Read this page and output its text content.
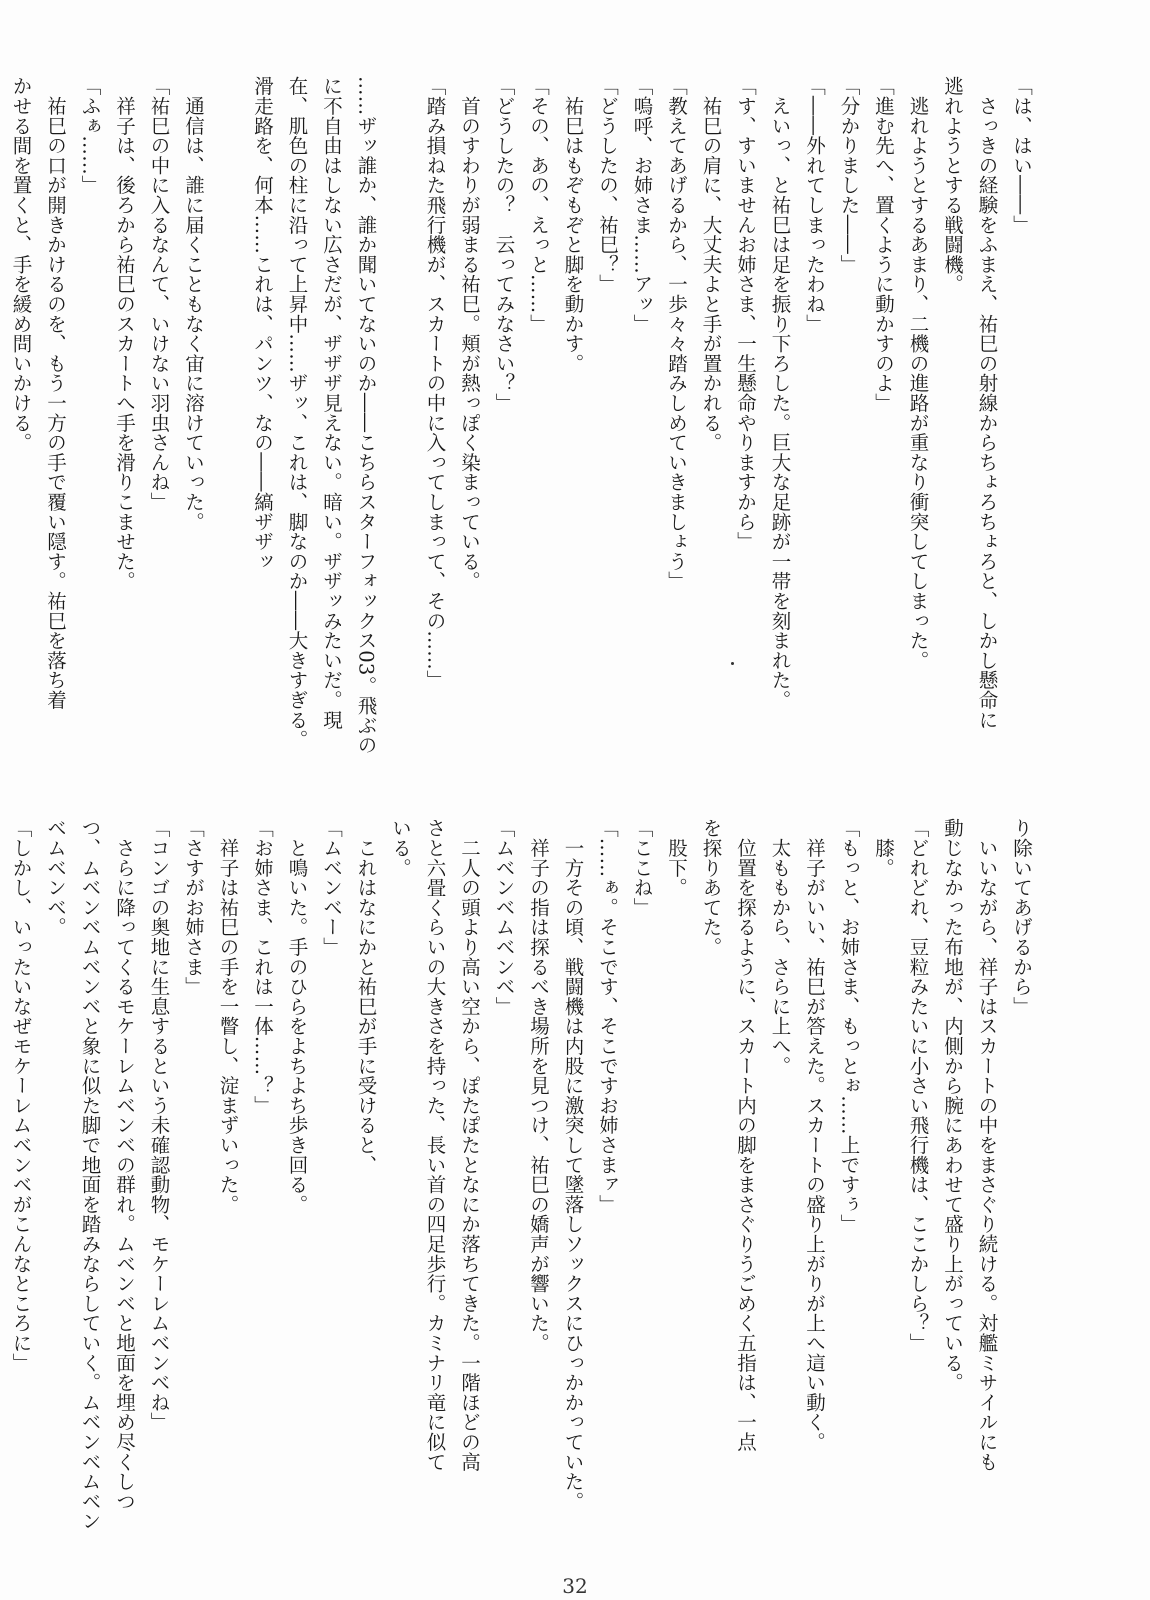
「は、はい――」
　さっきの経験をふまえ、祐巳の射線からちょろちょろと、しかし懸命に
逃れようとする戦闘機。
　逃れようとするあまり、二機の進路が重なり衝突してしまった。
「進む先へ、置くように動かすのよ」
「分かりました――」
「――外れてしまったわね」
　えいっ、と祐巳は足を振り下ろした。巨大な足跡が一帯を刻まれた。
「す、すいませんお姉さま、一生懸命やりますから」
　祐巳の肩に、大丈夫よと手が置かれる。
「教えてあげるから、一歩々々踏みしめていきましょう」
「嗚呼、お姉さま……アッ」
「どうしたの、祐巳？」
　祐巳はもぞもぞと脚を動かす。
「その、あの、えっと……」
「どうしたの？　云ってみなさい？」
　首のすわりが弱まる祐巳。頬が熱っぽく染まっている。
「踏み損ねた飛行機が、スカートの中に入ってしまって、その……」

……ザッ誰か、誰か聞いてないのか――こちらスターフォックス03。飛ぶの
に不自由はしない広さだが、ザザザ見えない。暗い。ザザッみたいだ。現
在、肌色の柱に沿って上昇中……ザッ、これは、脚なのか――大きすぎる。
滑走路を、何本……これは、パンツ、なの――縞ザザッ

　通信は、誰に届くこともなく宙に溶けていった。
「祐巳の中に入るなんて、いけない羽虫さんね」
　祥子は、後ろから祐巳のスカートへ手を滑りこませた。
「ふぁ……」
　祐巳の口が開きかけるのを、もう一方の手で覆い隠す。祐巳を落ち着
かせる間を置くと、手を緩め問いかける。
り除いてあげるから」
　いいながら、祥子はスカートの中をまさぐり続ける。対艦ミサイルにも
動じなかった布地が、内側から腕にあわせて盛り上がっている。
「どれどれ、豆粒みたいに小さい飛行機は、ここかしら？」
　膝。
「もっと、お姉さま、もっとぉ……上ですぅ」
　祥子がいい、祐巳が答えた。スカートの盛り上がりが上へ這い動く。
　太ももから、さらに上へ。
　位置を探るように、スカート内の脚をまさぐりうごめく五指は、一点
を探りあてた。
　股下。
「ここね」
「……ぁ。そこです、そこですお姉さまァ」
　一方その頃、戦闘機は内股に激突して墜落しソックスにひっかかっていた。
　祥子の指は探るべき場所を見つけ、祐巳の嬌声が響いた。
「ムベンベムベンベ」
　二人の頭より高い空から、ぽたぽたとなにか落ちてきた。一階ほどの高
さと六畳くらいの大きさを持った、長い首の四足歩行。カミナリ竜に似て
いる。
　これはなにかと祐巳が手に受けると、
「ムベンベー」
　と鳴いた。手のひらをよちよち歩き回る。
「お姉さま、これは一体……？」
　祥子は祐巳の手を一瞥し、淀まずいった。
「さすがお姉さま」
「コンゴの奥地に生息するという未確認動物、モケーレムベンベね」
　さらに降ってくるモケーレムベンベの群れ。ムベンベと地面を埋め尽くしつ
つ、ムベンベムベンベと象に似た脚で地面を踏みならしていく。ムベンベムベン
ベムベンベ。
「しかし、いったいなぜモケーレムベンベがこんなところに」
32
